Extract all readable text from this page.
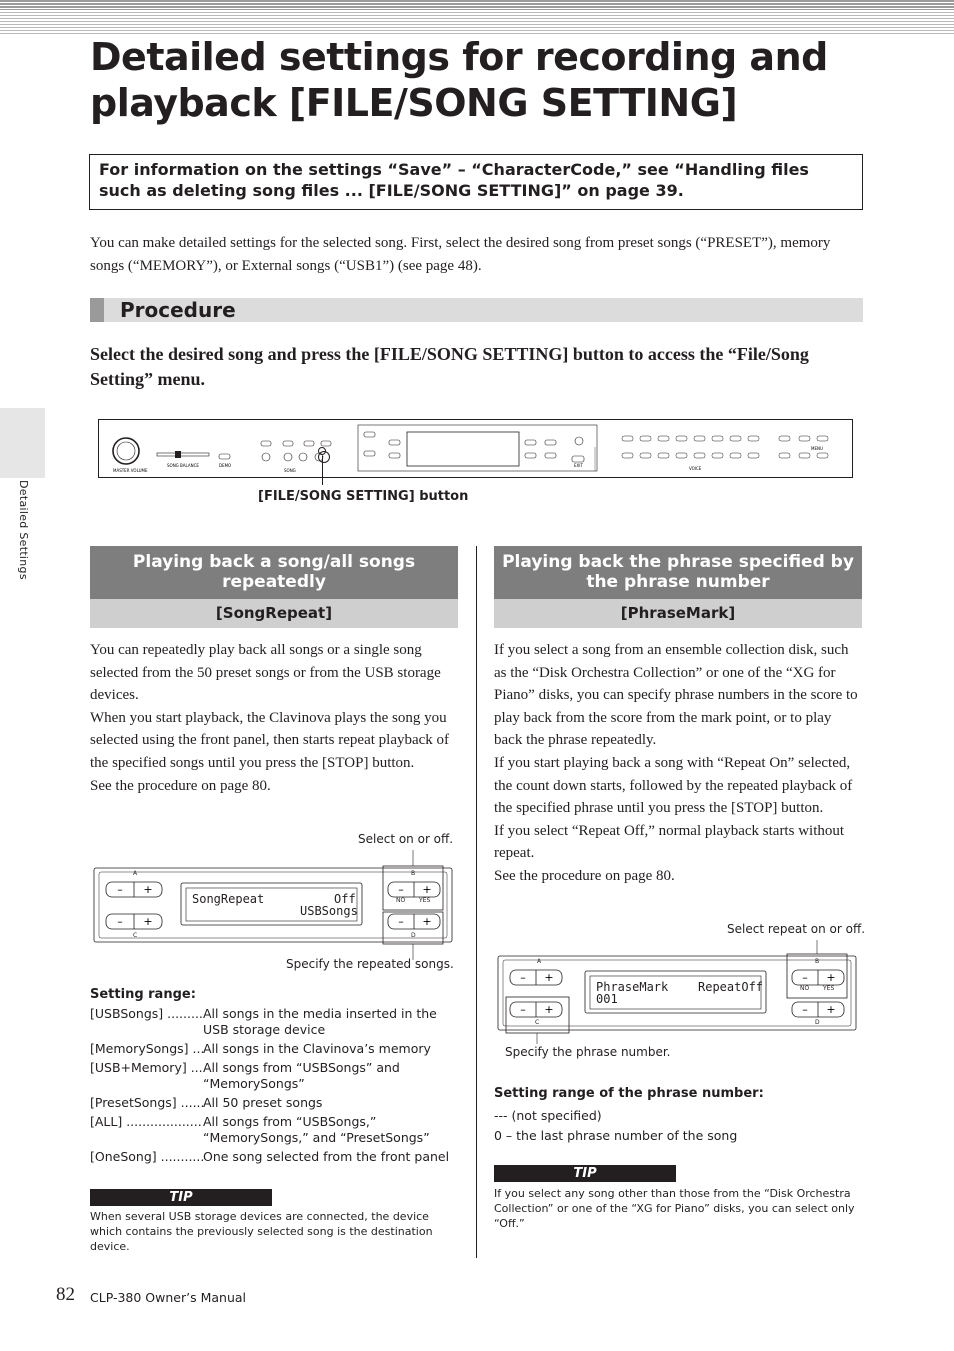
Detailed settings for recording and
playback [FILE/SONG SETTING]
For information on the settings “Save” – “CharacterCode,” see “Handling files such as deleting song files ... [FILE/SONG SETTING]” on page 39.

You can make detailed settings for the selected song. First, select the desired song from preset songs (“PRESET”), memory songs (“MEMORY”), or External songs (“USB1”) (see page 48).

Procedure

Select the desired song and press the [FILE/SONG SETTING] button to access the “File/Song Setting” menu.

MASTER VOLUME
SONG BALANCE	DEMO
SONG
EXIT
VOICE
MENU
[FILE/SONG SETTING] button
Detailed Settings	Playing back a song/all songs
repeatedly
[SongRepeat]

You can repeatedly play back all songs or a single song selected from the 50 preset songs or from the USB storage devices.

When you start playback, the Clavinova plays the song you selected using the front panel, then starts repeat playback of the specified songs until you press the [STOP] button.

See the procedure on page 80.

Select on or off.
– +
– +
– +
– +
A	B
C	D
NO YES
SongRepeat	Off
USBSongs
Specify the repeated songs.
Setting range:
[USBSongs] .....	All songs in the media inserted in the USB storage device
[MemorySongs] .....	All songs in the Clavinova’s memory
[USB+Memory] .....	All songs from “USBSongs” and “MemorySongs”
[PresetSongs] .....	All 50 preset songs
[ALL] .....	All songs from “USBSongs,” “MemorySongs,” and “PresetSongs”
[OneSong] .....	One song selected from the front panel
TIP
When several USB storage devices are connected, the device which contains the previously selected song is the destination device.
Playing back the phrase specified by
the phrase number
[PhraseMark]

If you select a song from an ensemble collection disk, such as the “Disk Orchestra Collection” or one of the “XG for Piano” disks, you can specify phrase numbers in the score to play back from the score from the mark point, or to play back the phrase repeatedly.

If you start playing back a song with “Repeat On” selected, the count down starts, followed by the repeated playback of the specified phrase until you press the [STOP] button.

If you select “Repeat Off,” normal playback starts without repeat.

See the procedure on page 80.

Select repeat on or off.
– +
– +
– +
– +
A	B
C	D
NO YES
PhraseMark RepeatOff
001
Specify the phrase number.
Setting range of the phrase number:
--- (not specified)
0 – the last phrase number of the song
TIP
If you select any song other than those from the “Disk Orchestra Collection” or one of the “XG for Piano” disks, you can select only “Off.”
82 CLP-380 Owner’s Manual
